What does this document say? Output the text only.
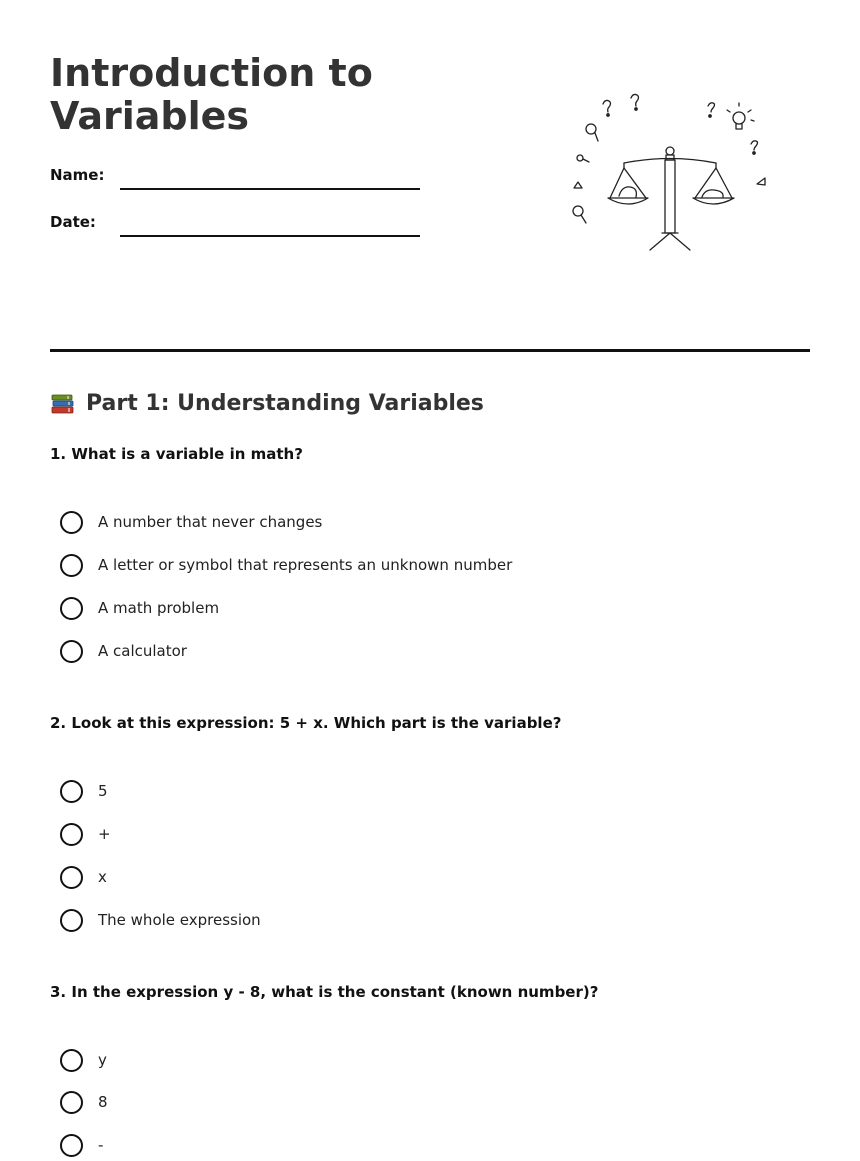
Introduction to
Variables
Name:
Date:
Part 1: Understanding Variables

1. What is a variable in math?

A number that never changes
A letter or symbol that represents an unknown number
A math problem
A calculator

2. Look at this expression: 5 + x. Which part is the variable?

5
+
x
The whole expression

3. In the expression y - 8, what is the constant (known number)?

y
8
-
